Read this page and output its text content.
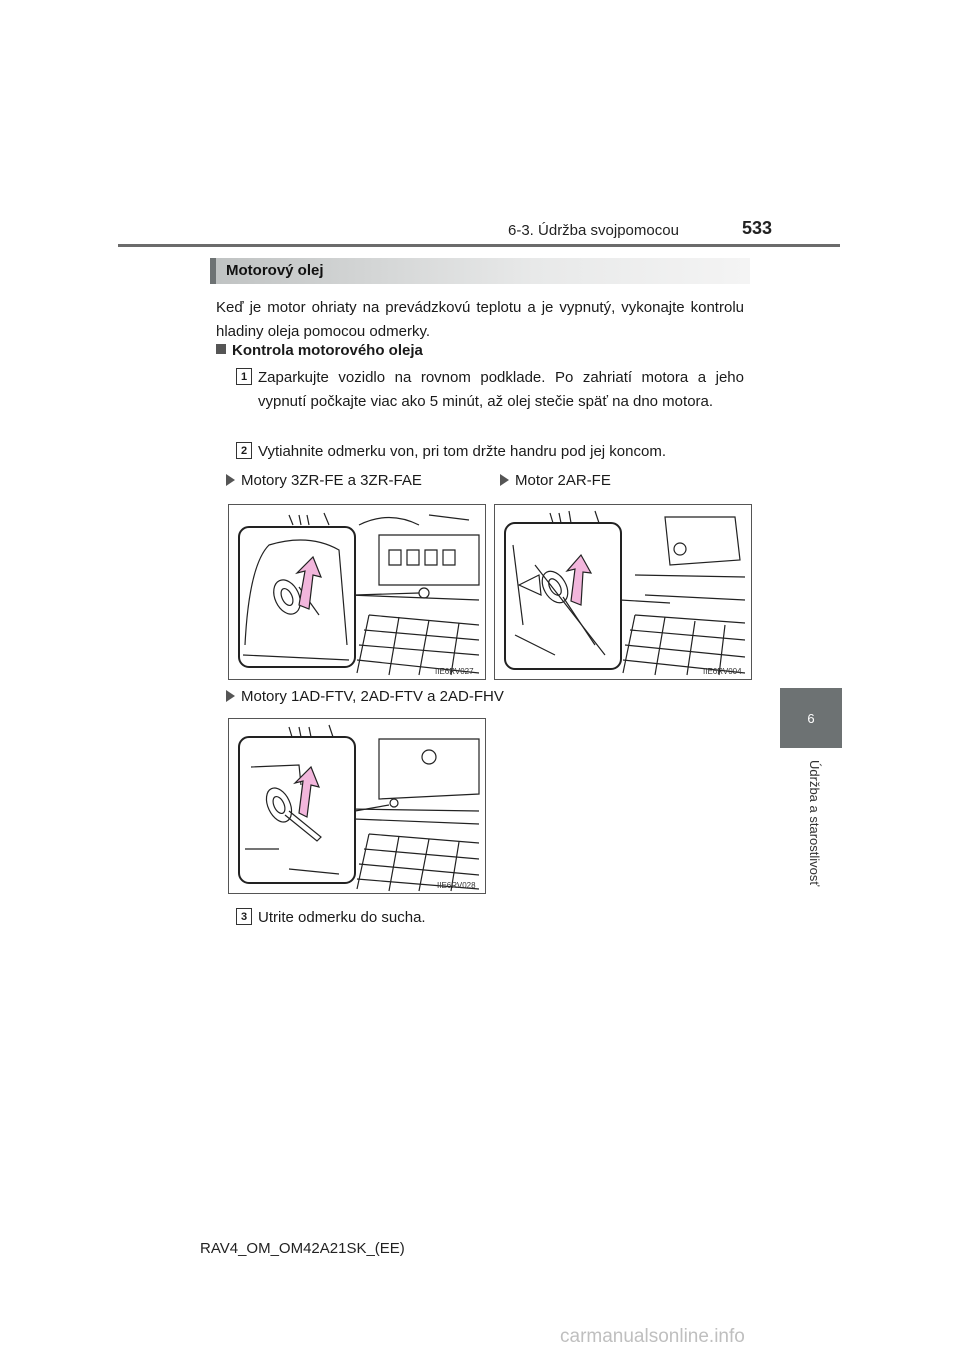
6-3. Údržba svojpomocou	533
6
Údržba a starostlivosť
Motorový olej
Keď je motor ohriaty na prevádzkovú teplotu a je vypnutý, vykonajte kontrolu hladiny oleja pomocou odmerky.
Kontrola motorového oleja
1 Zaparkujte vozidlo na rovnom podklade. Po zahriatí motora a jeho vypnutí počkajte viac ako 5 minút, až olej stečie späť na dno motora.
2 Vytiahnite odmerku von, pri tom držte handru pod jej koncom.
Motory 3ZR-FE a 3ZR-FAE	Motor 2AR-FE
IIE6RV027	IIE6RV004
Motory 1AD-FTV, 2AD-FTV a 2AD-FHV
IIE6RV028
3 Utrite odmerku do sucha.
RAV4_OM_OM42A21SK_(EE)
carmanualsonline.info
